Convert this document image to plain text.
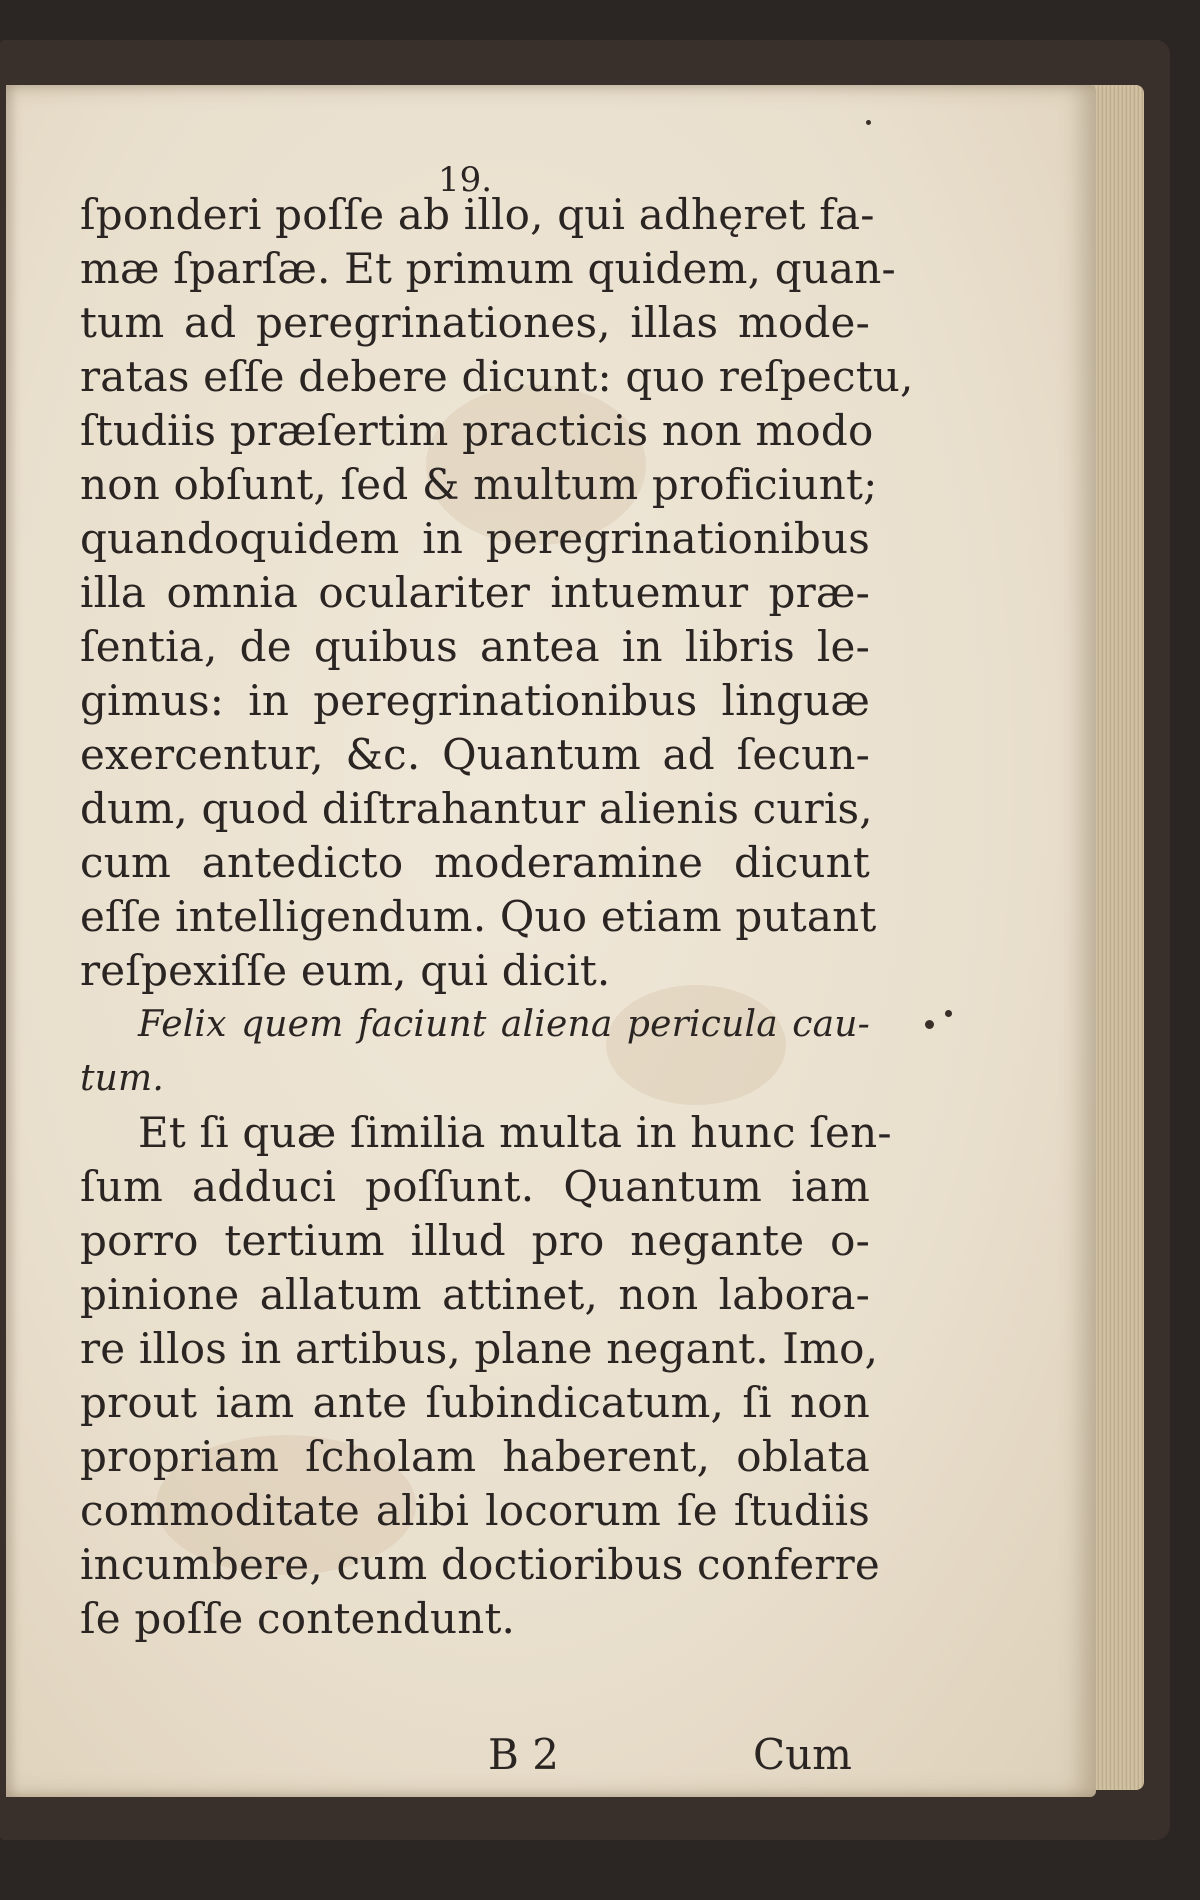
19.
ſponderi poſſe ab illo, qui adhęret fa-
mæ ſparſæ. Et primum quidem, quan-
tum ad peregrinationes, illas mode-
ratas eſſe debere dicunt: quo reſpectu,
ſtudiis præſertim practicis non modo
non obſunt, ſed & multum proficiunt;
quandoquidem in peregrinationibus
illa omnia oculariter intuemur præ-
ſentia, de quibus antea in libris le-
gimus: in peregrinationibus linguæ
exercentur, &c. Quantum ad ſecun-
dum, quod diſtrahantur alienis curis,
cum antedicto moderamine dicunt
eſſe intelligendum. Quo etiam putant
reſpexiſſe eum, qui dicit.
Felix quem faciunt aliena pericula cau-
tum.
Et ſi quæ ſimilia multa in hunc ſen-
ſum adduci poſſunt. Quantum iam
porro tertium illud pro negante o-
pinione allatum attinet, non labora-
re illos in artibus, plane negant. Imo,
prout iam ante ſubindicatum, ſi non
propriam ſcholam haberent, oblata
commoditate alibi locorum ſe ſtudiis
incumbere, cum doctioribus conferre
ſe poſſe contendunt.
B 2	Cum
